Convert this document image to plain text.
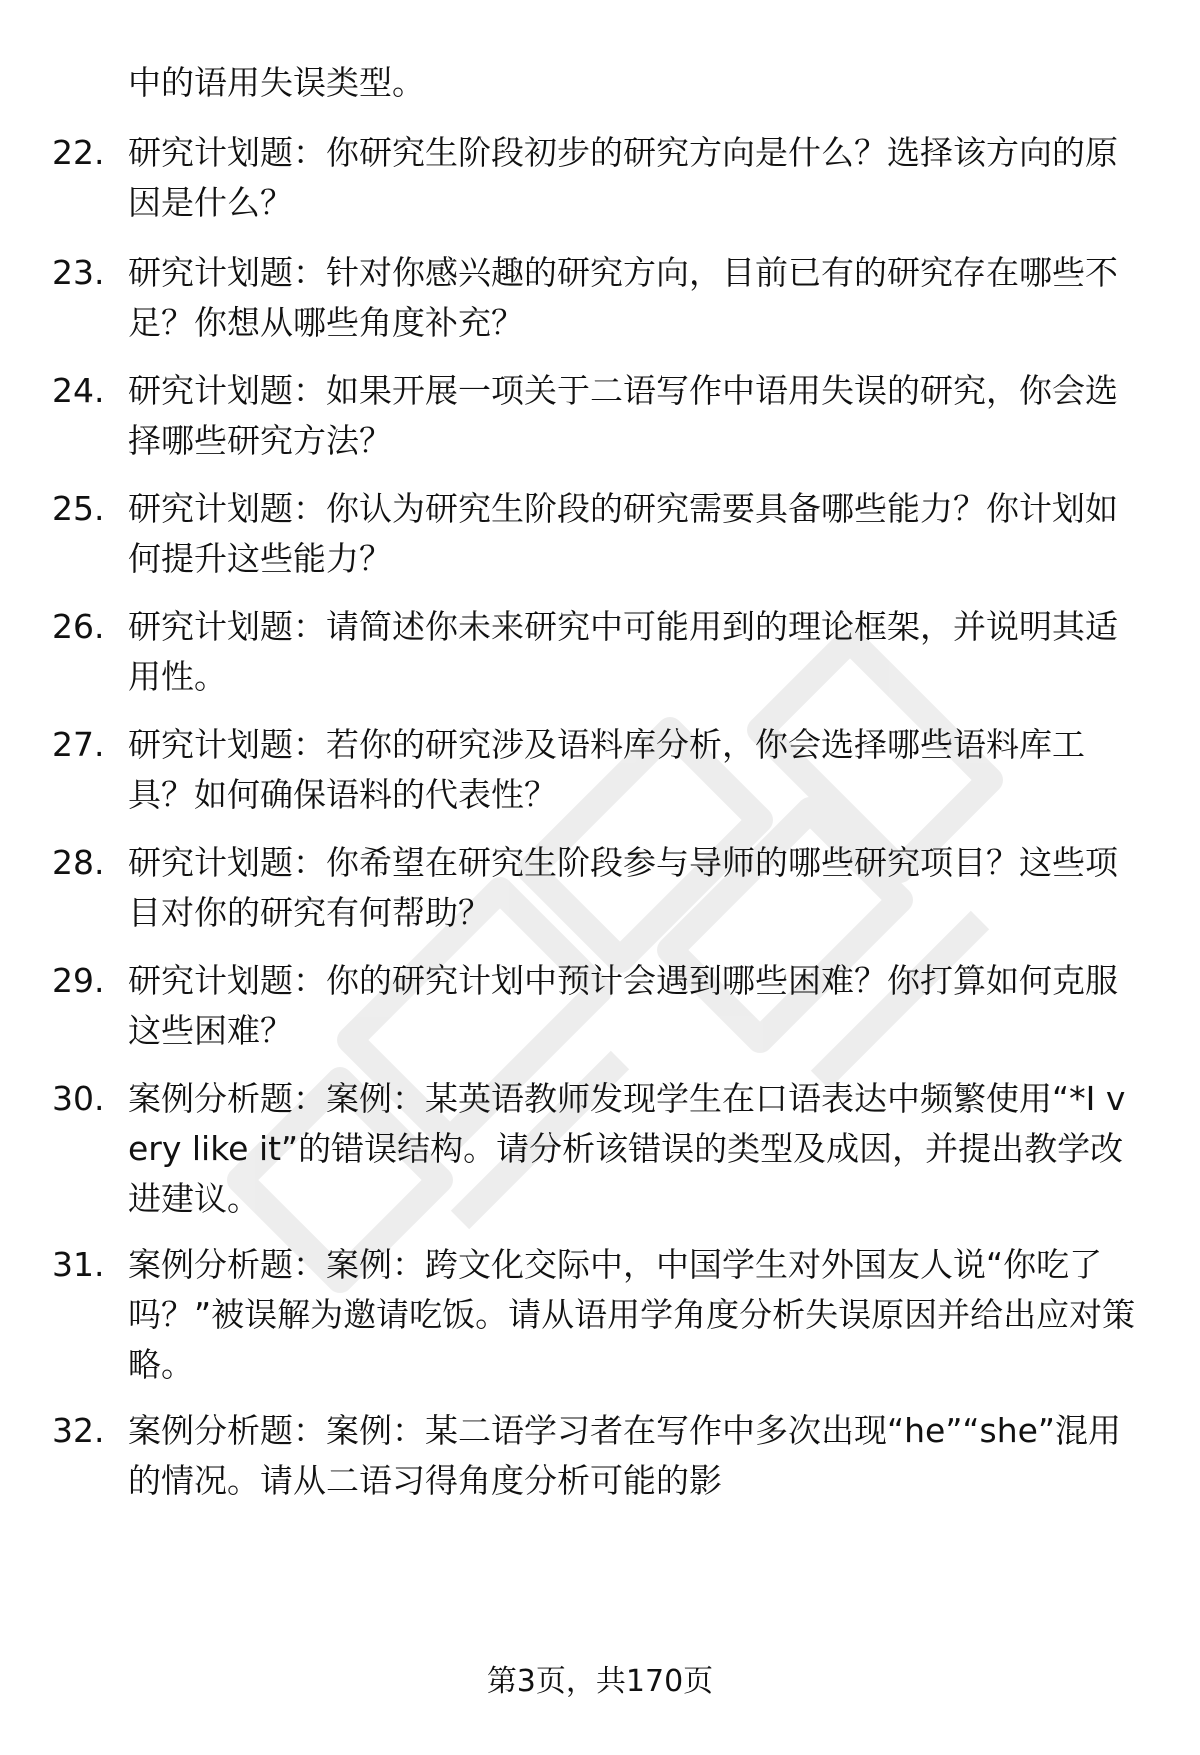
中的语用失误类型。
22. 研究计划题：你研究生阶段初步的研究方向是什么？选择该方向的原因是什么？
23. 研究计划题：针对你感兴趣的研究方向，目前已有的研究存在哪些不足？你想从哪些角度补充？
24. 研究计划题：如果开展一项关于二语写作中语用失误的研究，你会选择哪些研究方法？
25. 研究计划题：你认为研究生阶段的研究需要具备哪些能力？你计划如何提升这些能力？
26. 研究计划题：请简述你未来研究中可能用到的理论框架，并说明其适用性。
27. 研究计划题：若你的研究涉及语料库分析，你会选择哪些语料库工具？如何确保语料的代表性？
28. 研究计划题：你希望在研究生阶段参与导师的哪些研究项目？这些项目对你的研究有何帮助？
29. 研究计划题：你的研究计划中预计会遇到哪些困难？你打算如何克服这些困难？
30. 案例分析题：案例：某英语教师发现学生在口语表达中频繁使用“*I very like it”的错误结构。请分析该错误的类型及成因，并提出教学改进建议。
31. 案例分析题：案例：跨文化交际中，中国学生对外国友人说“你吃了吗？”被误解为邀请吃饭。请从语用学角度分析失误原因并给出应对策略。
32. 案例分析题：案例：某二语学习者在写作中多次出现“he”“she”混用的情况。请从二语习得角度分析可能的影
第3页，共170页
